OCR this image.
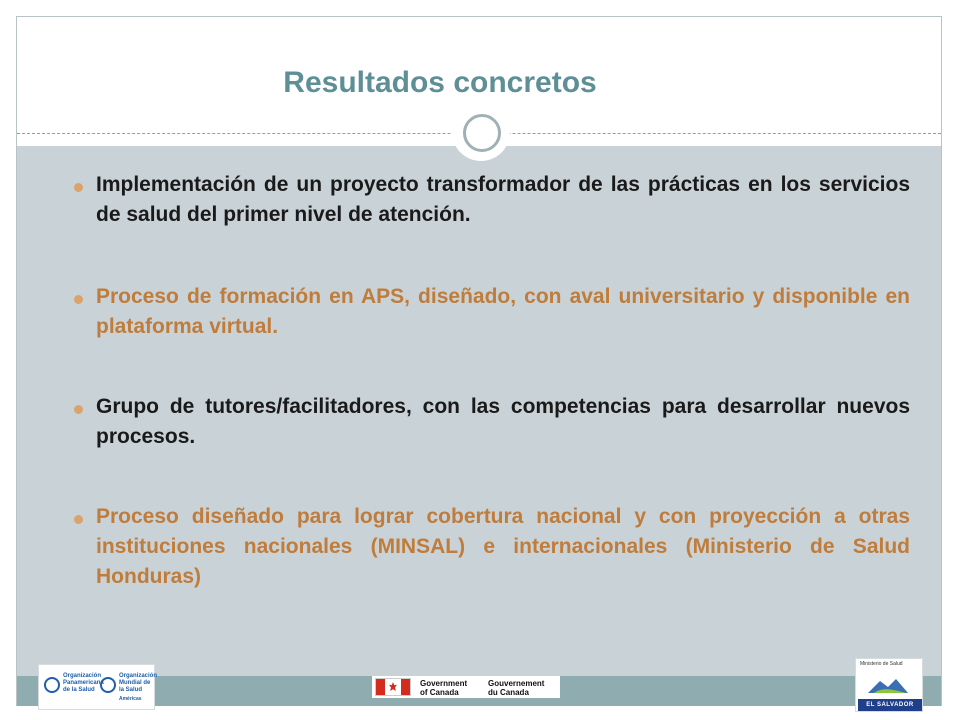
Resultados concretos
Implementación de un proyecto transformador de las prácticas en los servicios de salud del primer nivel de atención.
Proceso de formación en APS, diseñado, con aval universitario y disponible en plataforma virtual.
Grupo de tutores/facilitadores, con las competencias para desarrollar nuevos procesos.
Proceso diseñado para lograr cobertura nacional y con proyección a otras instituciones nacionales (MINSAL) e internacionales (Ministerio de Salud Honduras)
Organización Panamericana de la Salud
Organización Mundial de la Salud
Américas
Government
of Canada
Gouvernement
du Canada
Ministerio de Salud
EL SALVADOR
